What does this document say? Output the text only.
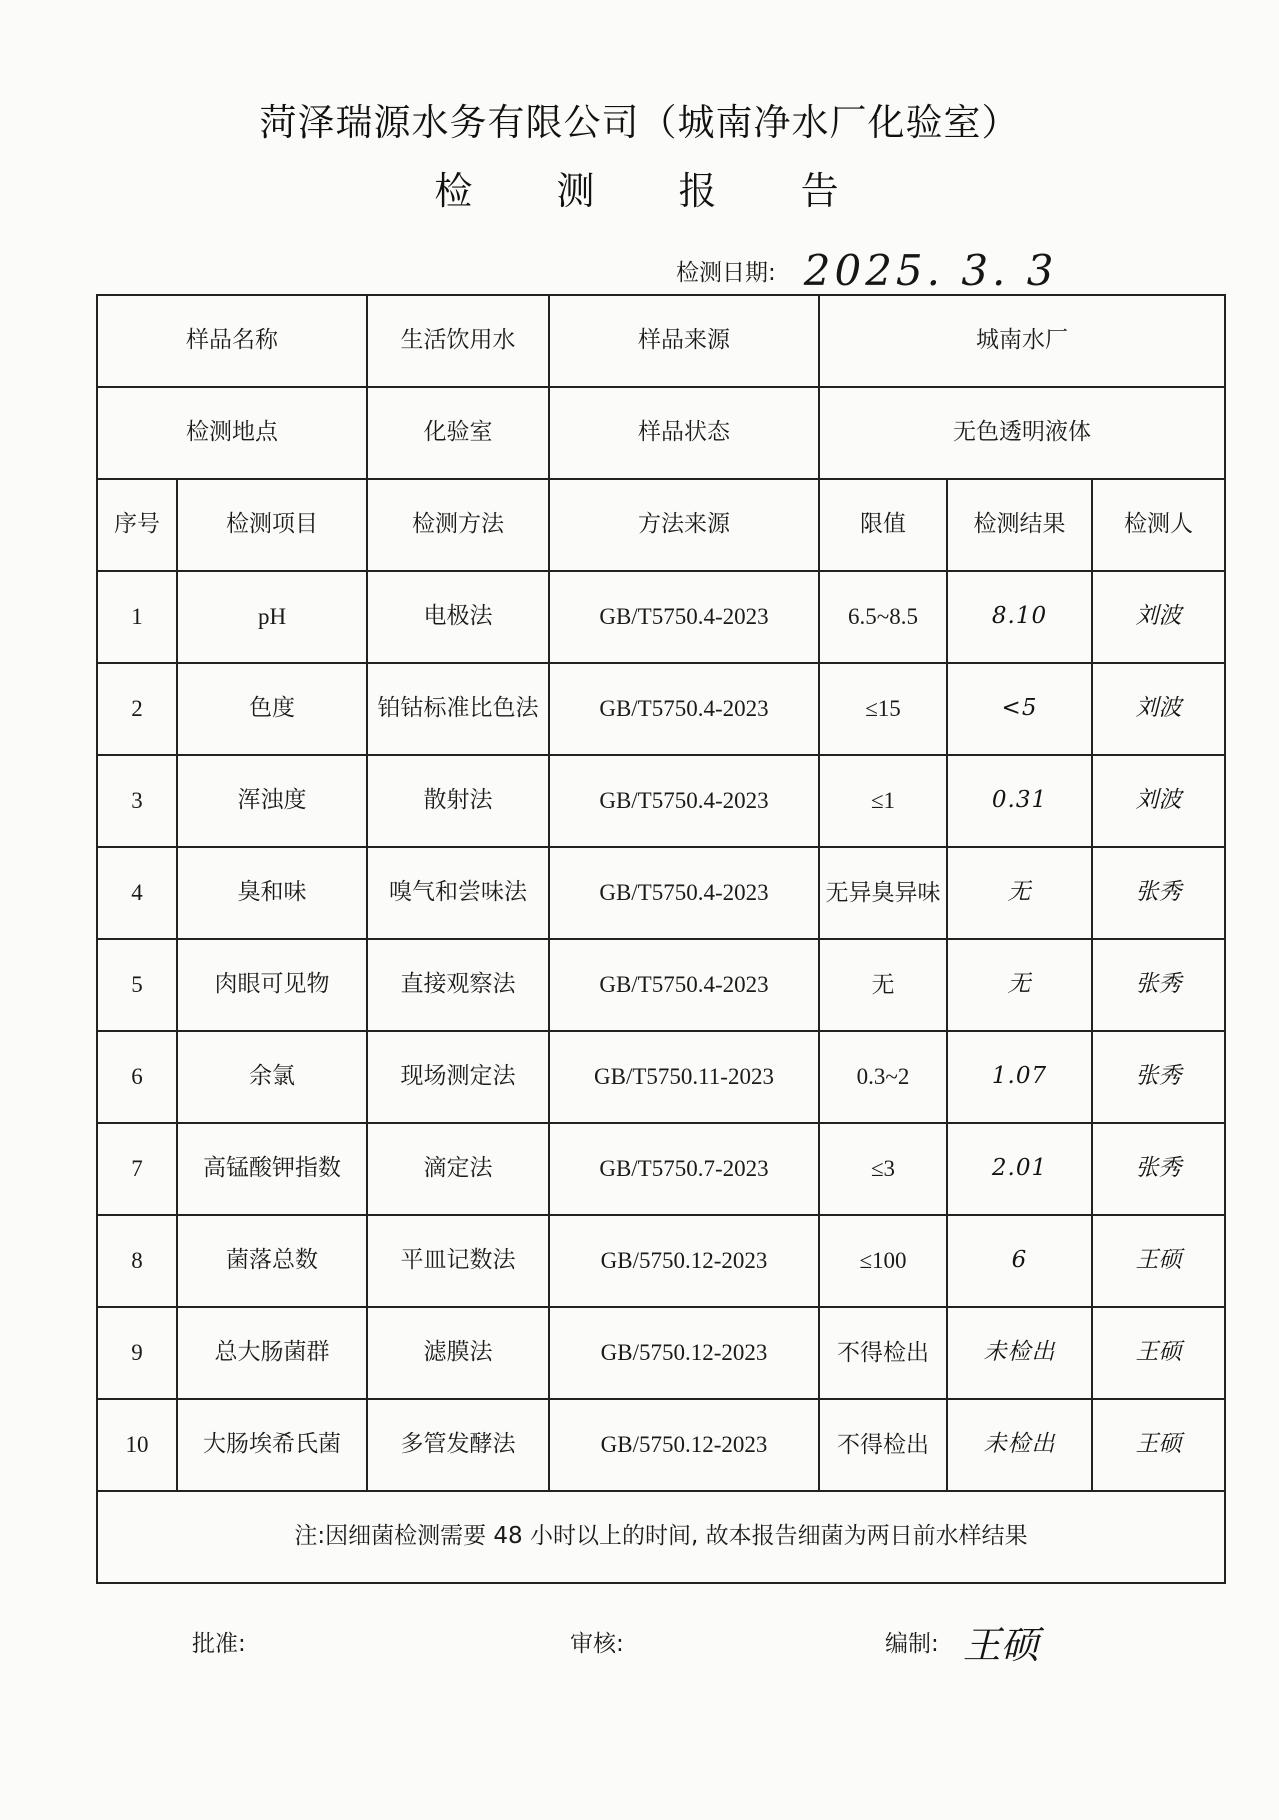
菏泽瑞源水务有限公司（城南净水厂化验室）
检 测 报 告
检测日期: 2025. 3. 3
样品名称		生活饮用水	样品来源	城南水厂		
检测地点		化验室	样品状态	无色透明液体		
序号	检测项目	检测方法	方法来源	限值	检测结果	检测人
1	pH	电极法	GB/T5750.4-2023	6.5~8.5	8.10	刘波
2	色度	铂钴标准比色法	GB/T5750.4-2023	≤15	<5	刘波
3	浑浊度	散射法	GB/T5750.4-2023	≤1	0.31	刘波
4	臭和味	嗅气和尝味法	GB/T5750.4-2023	无异臭异味	无	张秀
5	肉眼可见物	直接观察法	GB/T5750.4-2023	无	无	张秀
6	余氯	现场测定法	GB/T5750.11-2023	0.3~2	1.07	张秀
7	高锰酸钾指数	滴定法	GB/T5750.7-2023	≤3	2.01	张秀
8	菌落总数	平皿记数法	GB/5750.12-2023	≤100	6	王硕
9	总大肠菌群	滤膜法	GB/5750.12-2023	不得检出	未检出	王硕
10	大肠埃希氏菌	多管发酵法	GB/5750.12-2023	不得检出	未检出	王硕
注:因细菌检测需要 48 小时以上的时间, 故本报告细菌为两日前水样结果						
批准:	审核:	编制: 王硕
